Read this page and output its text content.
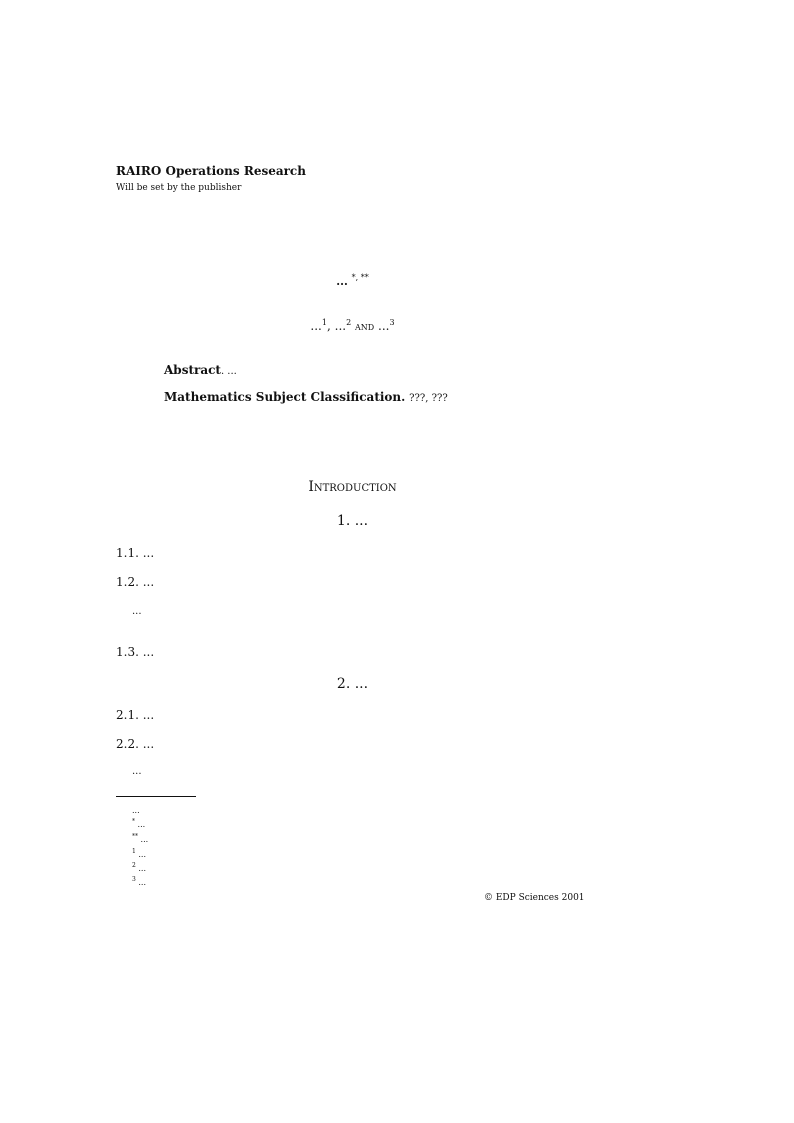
RAIRO Operations Research
Will be set by the publisher
... *, **
...$^1$, ...$^2$ and ...$^3$
Abstract. ...
Mathematics Subject Classification. ???, ???
Introduction
1. ...
1.1. ...
1.2. ...
...
1.3. ...
2. ...
2.1. ...
2.2. ...
...
...
* ...
** ...
$^1$ ...
$^2$ ...
$^3$ ...
© EDP Sciences 2001
